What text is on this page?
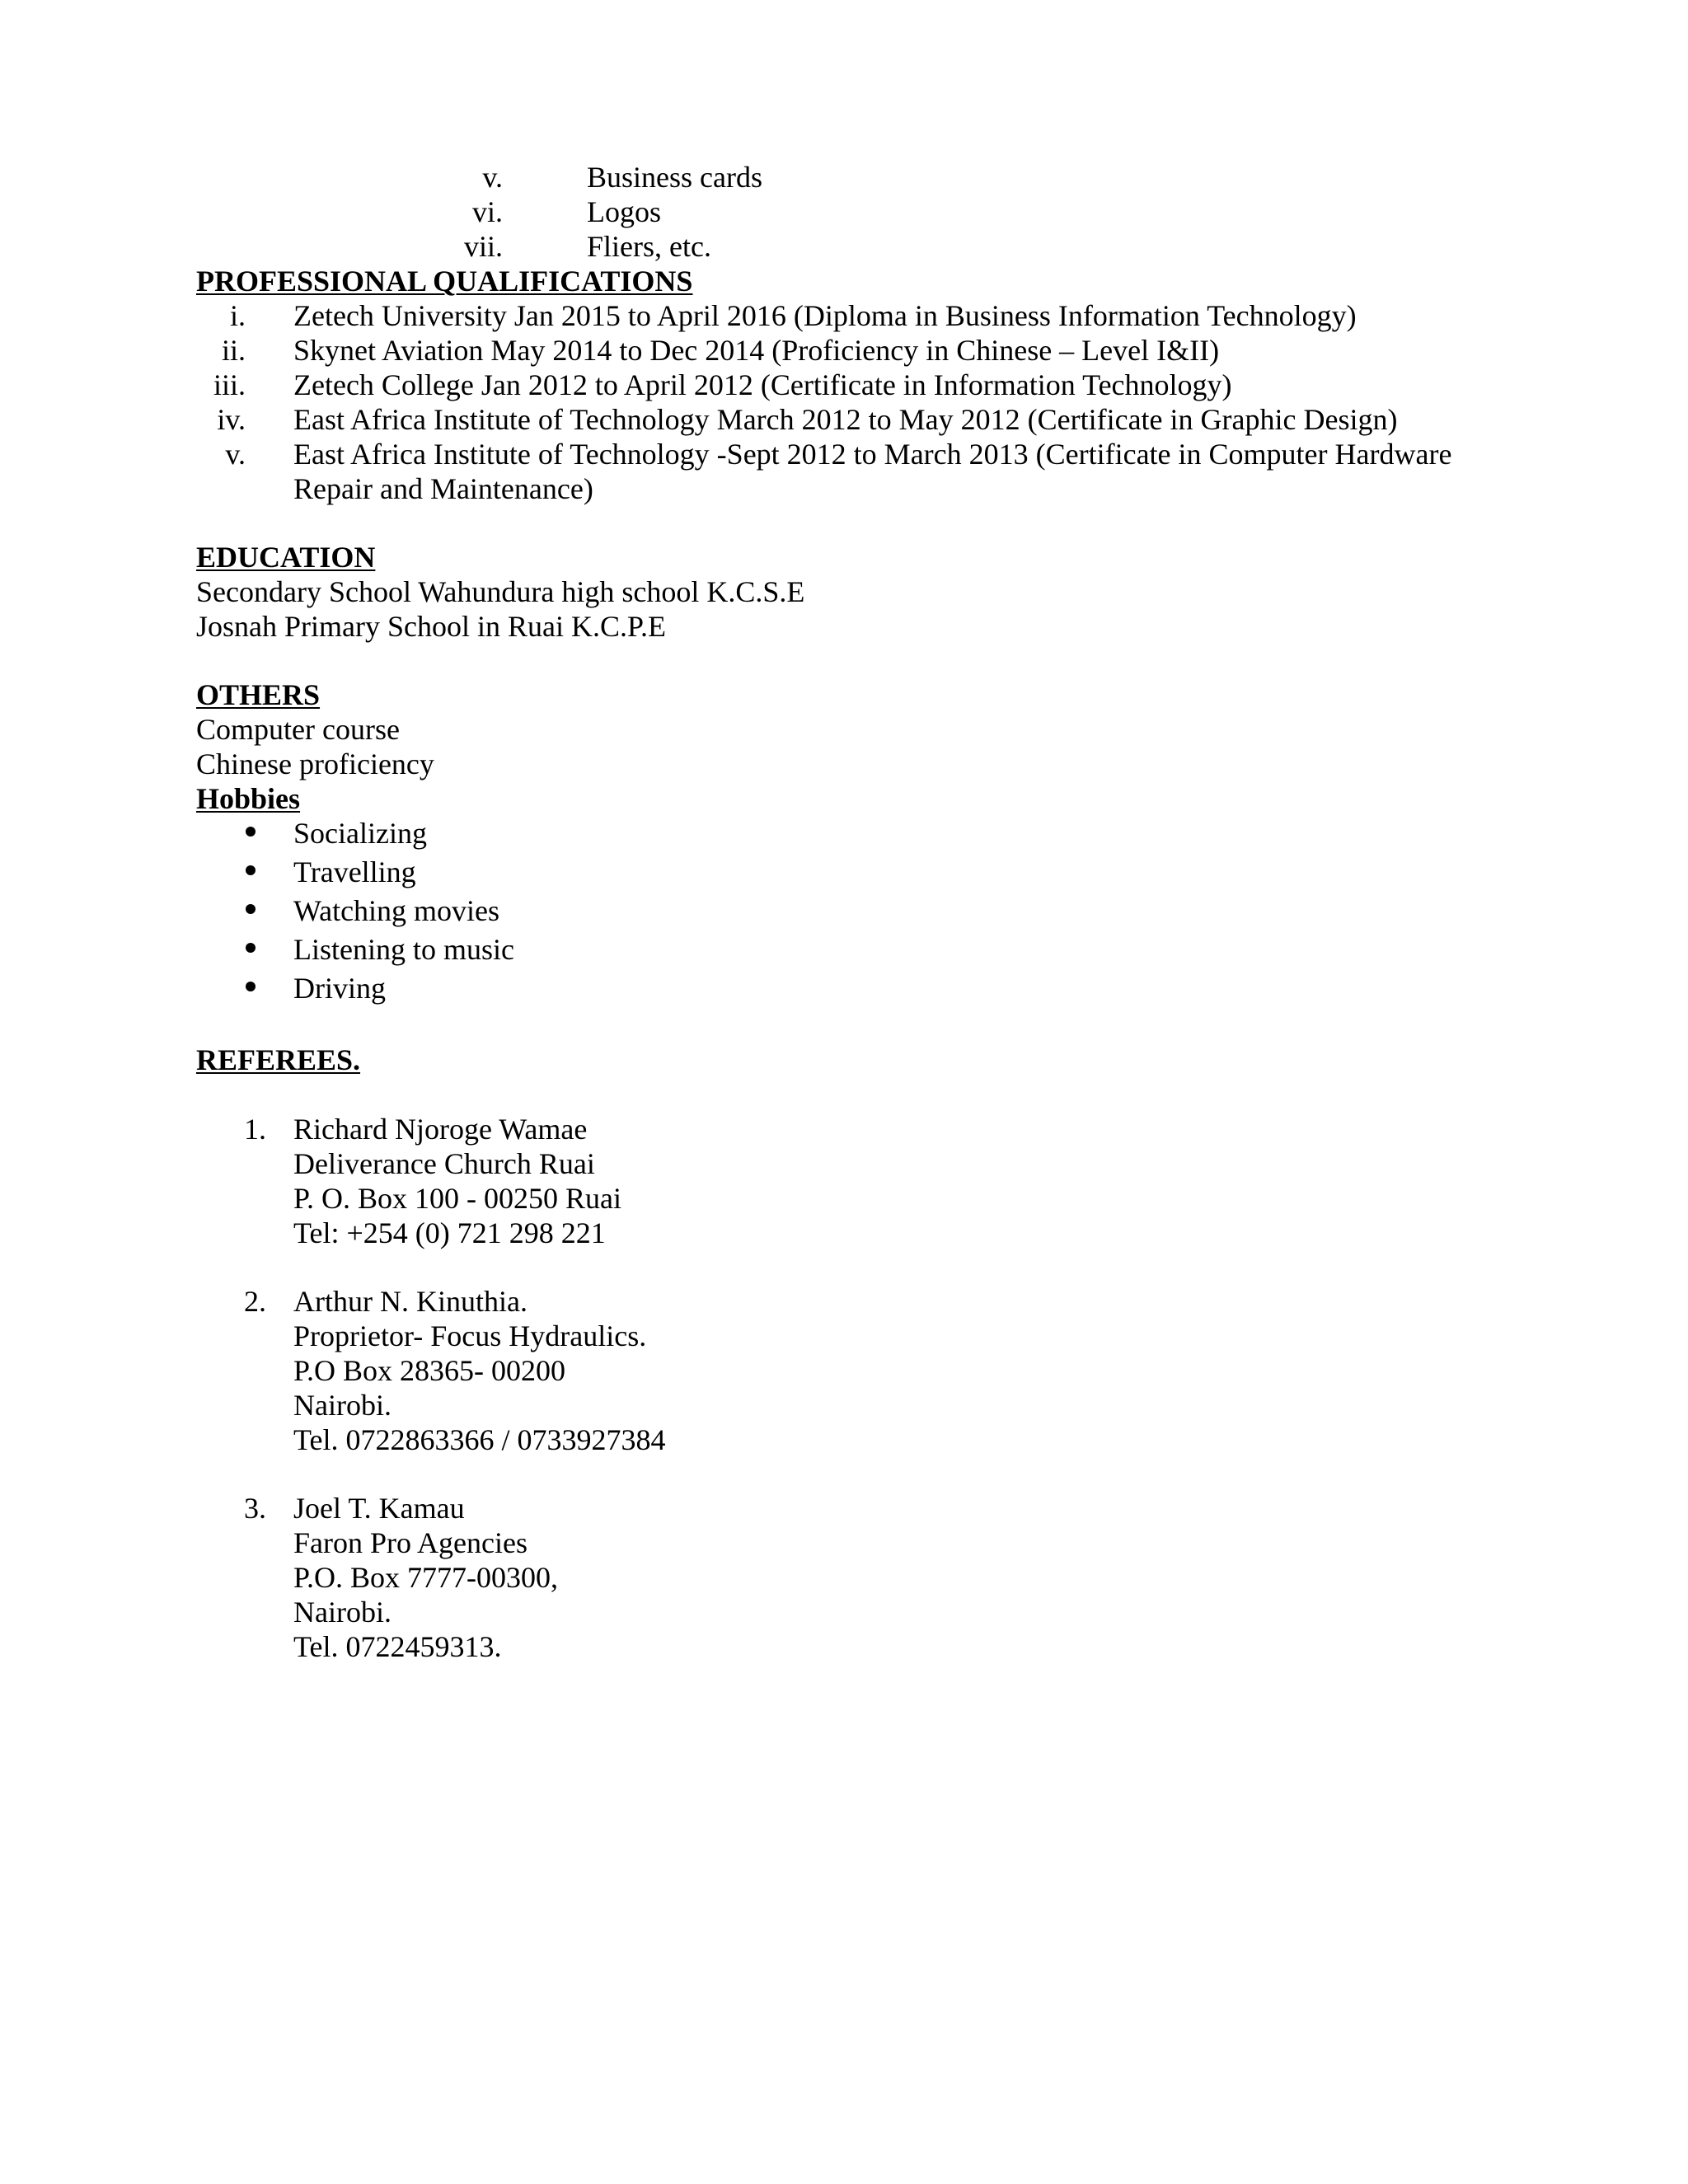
v.	Business cards
vi.	Logos
vii.	Fliers, etc.
PROFESSIONAL QUALIFICATIONS
i. Zetech University Jan 2015 to April 2016 (Diploma in Business Information Technology)
ii. Skynet Aviation May 2014 to Dec 2014 (Proficiency in Chinese – Level I&II)
iii. Zetech College Jan 2012 to April 2012 (Certificate in Information Technology)
iv. East Africa Institute of Technology March 2012 to May 2012 (Certificate in Graphic Design)
v. East Africa Institute of Technology -Sept 2012 to March 2013 (Certificate in Computer Hardware
Repair and Maintenance)
EDUCATION
Secondary School Wahundura high school K.C.S.E
Josnah Primary School in Ruai K.C.P.E
OTHERS
Computer course
Chinese proficiency
Hobbies
Socializing
Travelling
Watching movies
Listening to music
Driving
REFEREES.
1. Richard Njoroge Wamae
Deliverance Church Ruai
P. O. Box 100 - 00250 Ruai
Tel: +254 (0) 721 298 221
2. Arthur N. Kinuthia.
Proprietor- Focus Hydraulics.
P.O Box 28365- 00200
Nairobi.
Tel. 0722863366 / 0733927384
3. Joel T. Kamau
Faron Pro Agencies
P.O. Box 7777-00300,
Nairobi.
Tel. 0722459313.
